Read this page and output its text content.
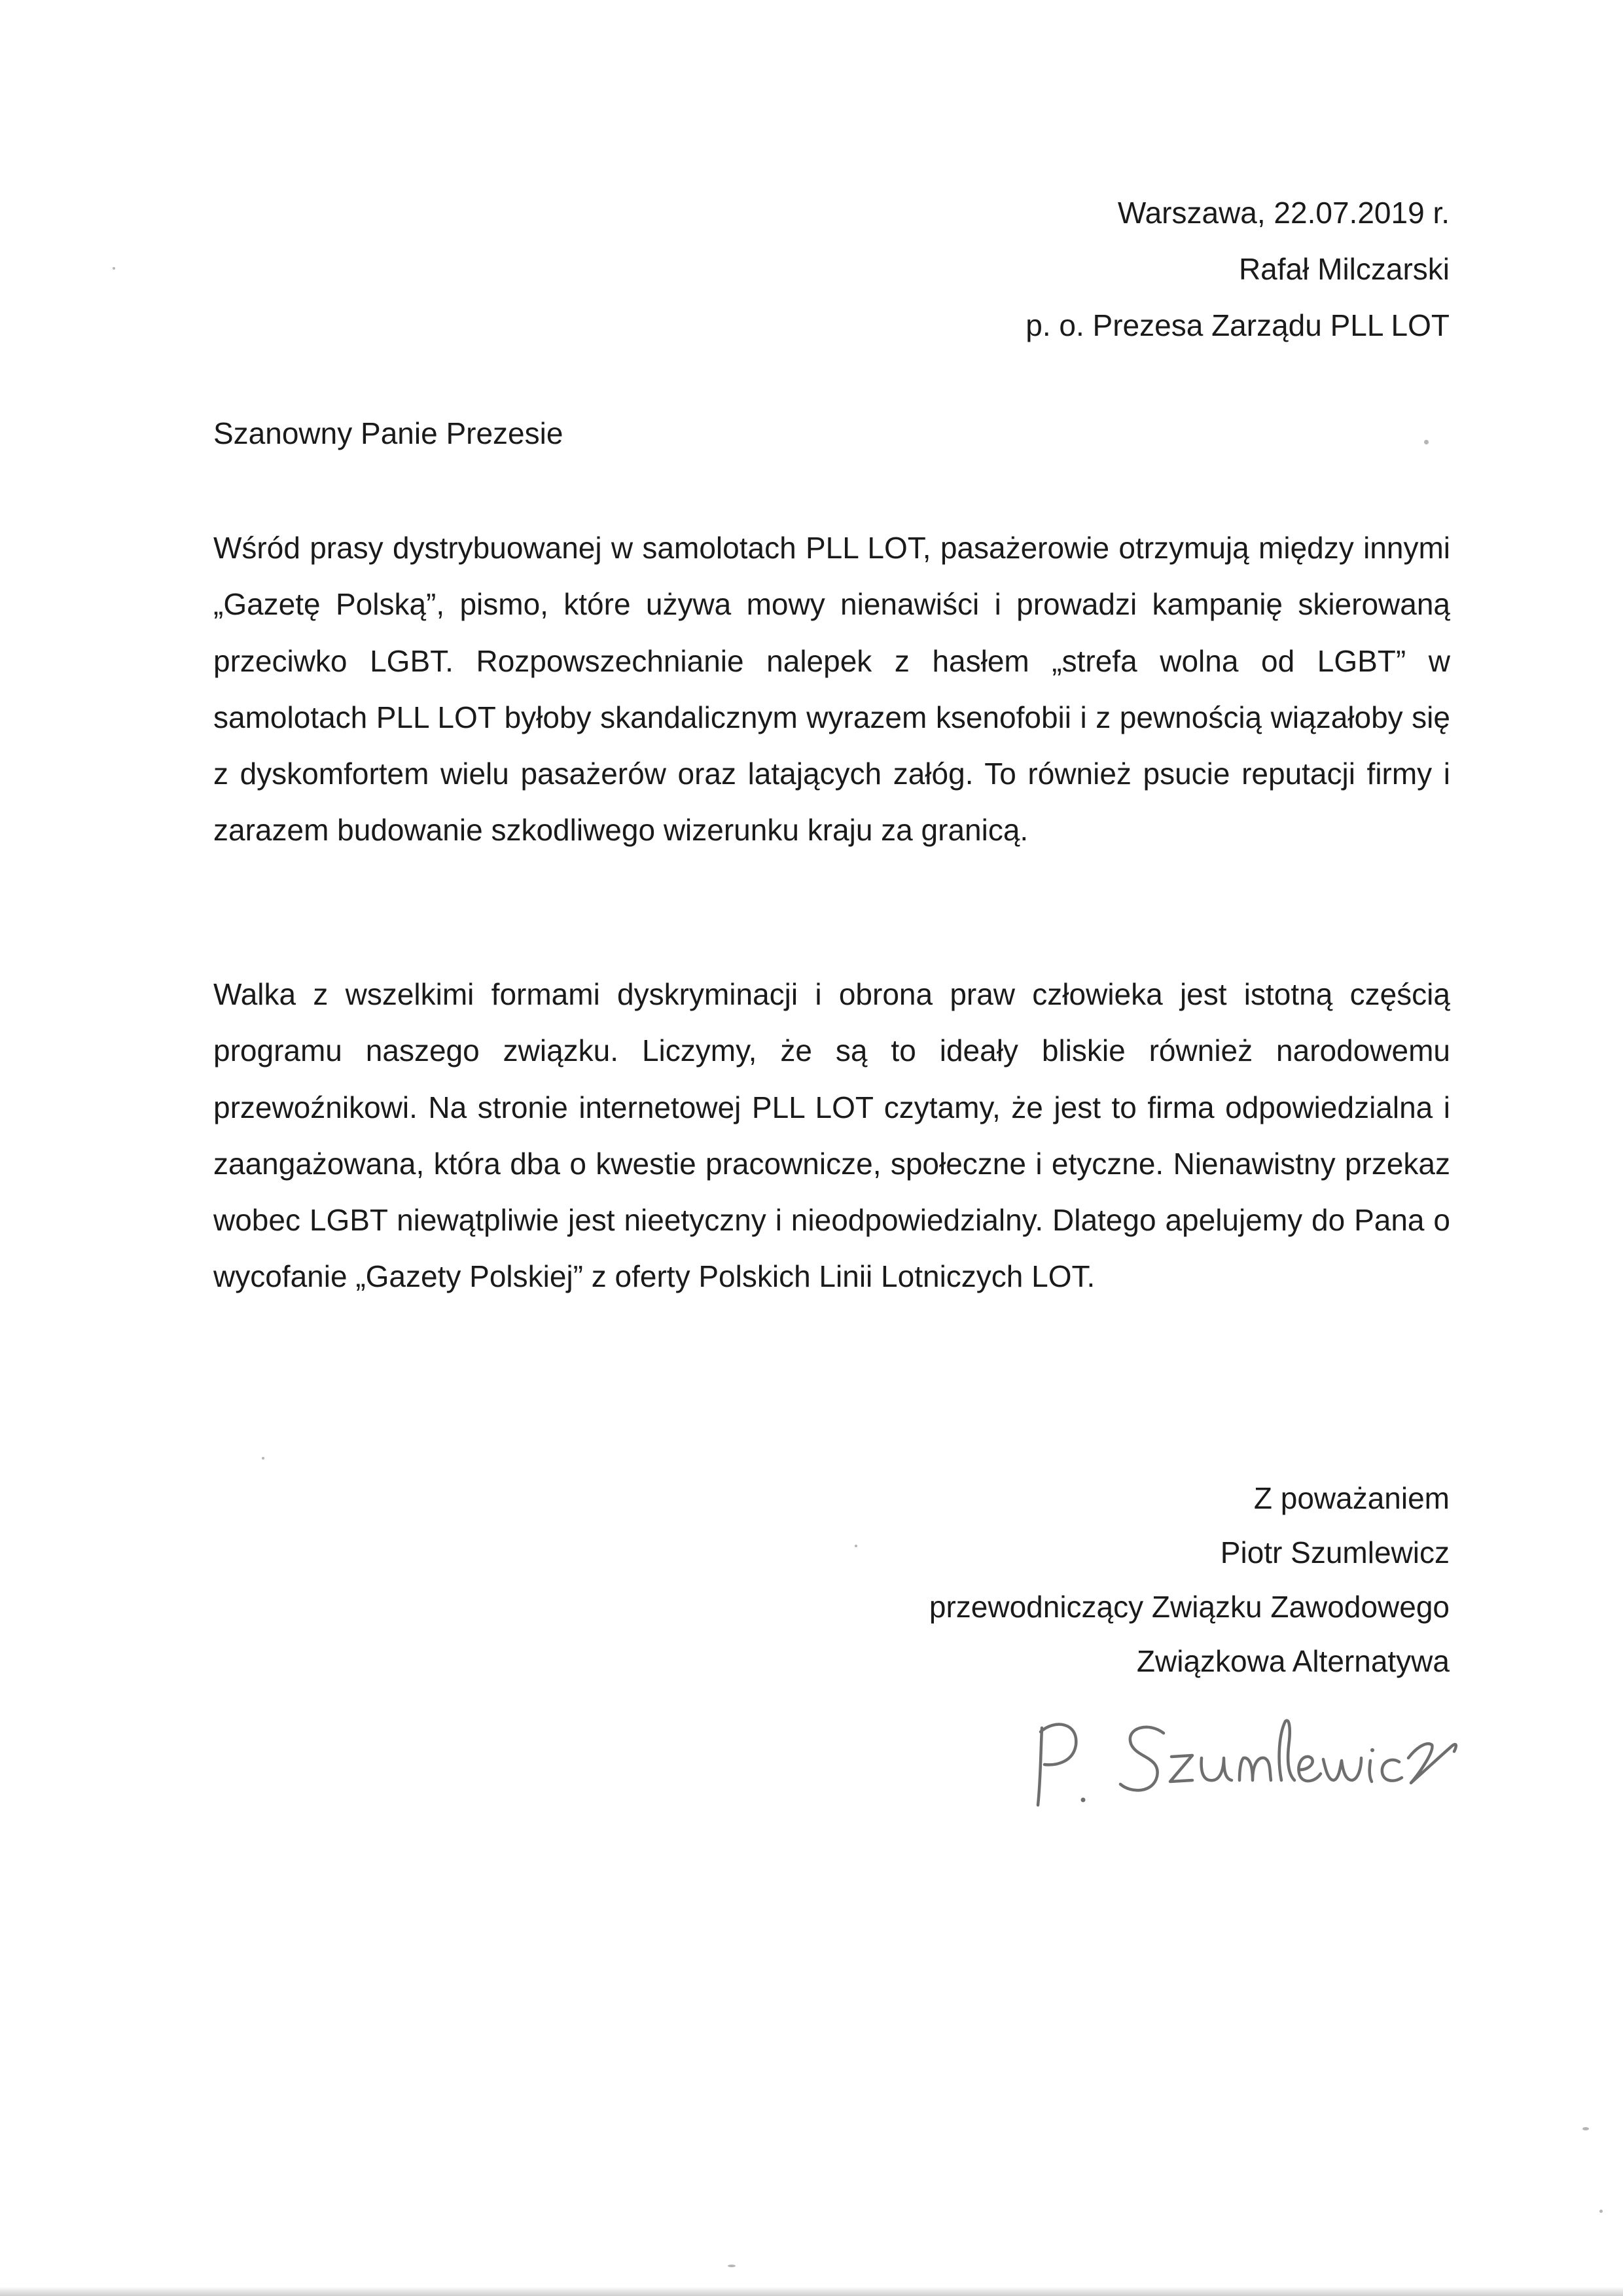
Warszawa, 22.07.2019 r.
Rafał Milczarski
p. o. Prezesa Zarządu PLL LOT
Szanowny Panie Prezesie
Wśród prasy dystrybuowanej w samolotach PLL LOT, pasażerowie otrzymują między innymi „Gazetę Polską”, pismo, które używa mowy nienawiści i prowadzi kampanię skierowaną przeciwko LGBT. Rozpowszechnianie nalepek z hasłem „strefa wolna od LGBT” w samolotach PLL LOT byłoby skandalicznym wyrazem ksenofobii i z pewnością wiązałoby się z dyskomfortem wielu pasażerów oraz latających załóg. To również psucie reputacji firmy i zarazem budowanie szkodliwego wizerunku kraju za granicą.
Walka z wszelkimi formami dyskryminacji i obrona praw człowieka jest istotną częścią programu naszego związku. Liczymy, że są to ideały bliskie również narodowemu przewoźnikowi. Na stronie internetowej PLL LOT czytamy, że jest to firma odpowiedzialna i zaangażowana, która dba o kwestie pracownicze, społeczne i etyczne. Nienawistny przekaz wobec LGBT niewątpliwie jest nieetyczny i nieodpowiedzialny. Dlatego apelujemy do Pana o wycofanie „Gazety Polskiej” z oferty Polskich Linii Lotniczych LOT.
Z poważaniem
Piotr Szumlewicz
przewodniczący Związku Zawodowego
Związkowa Alternatywa
